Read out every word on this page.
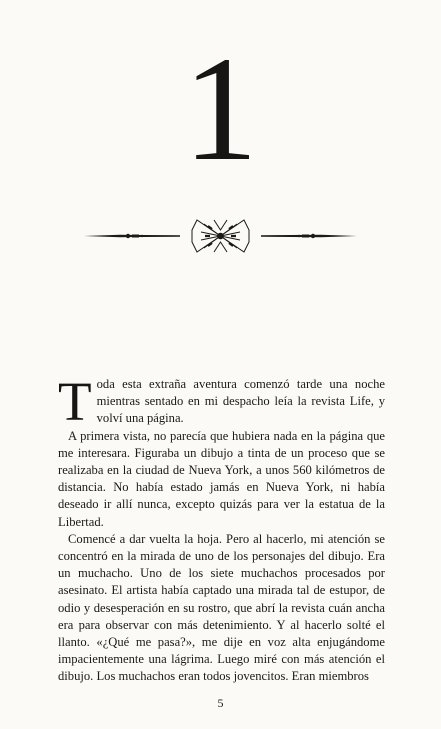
1

Toda esta extraña aventura comenzó tarde una noche mientras sentado en mi despacho leía la revista Life, y volví una página.

A primera vista, no parecía que hubiera nada en la página que me interesara. Figuraba un dibujo a tinta de un proceso que se realizaba en la ciudad de Nueva York, a unos 560 kilómetros de distancia. No había estado jamás en Nueva York, ni había deseado ir allí nunca, excepto quizás para ver la estatua de la Libertad.

Comencé a dar vuelta la hoja. Pero al hacerlo, mi atención se concentró en la mirada de uno de los personajes del dibujo. Era un muchacho. Uno de los siete muchachos procesados por asesinato. El artista había captado una mirada tal de estupor, de odio y desesperación en su rostro, que abrí la revista cuán ancha era para observar con más detenimiento. Y al hacerlo solté el llanto. «¿Qué me pasa?», me dije en voz alta enjugándome impacientemente una lágrima. Luego miré con más atención el dibujo. Los muchachos eran todos jovencitos. Eran miembros

5
